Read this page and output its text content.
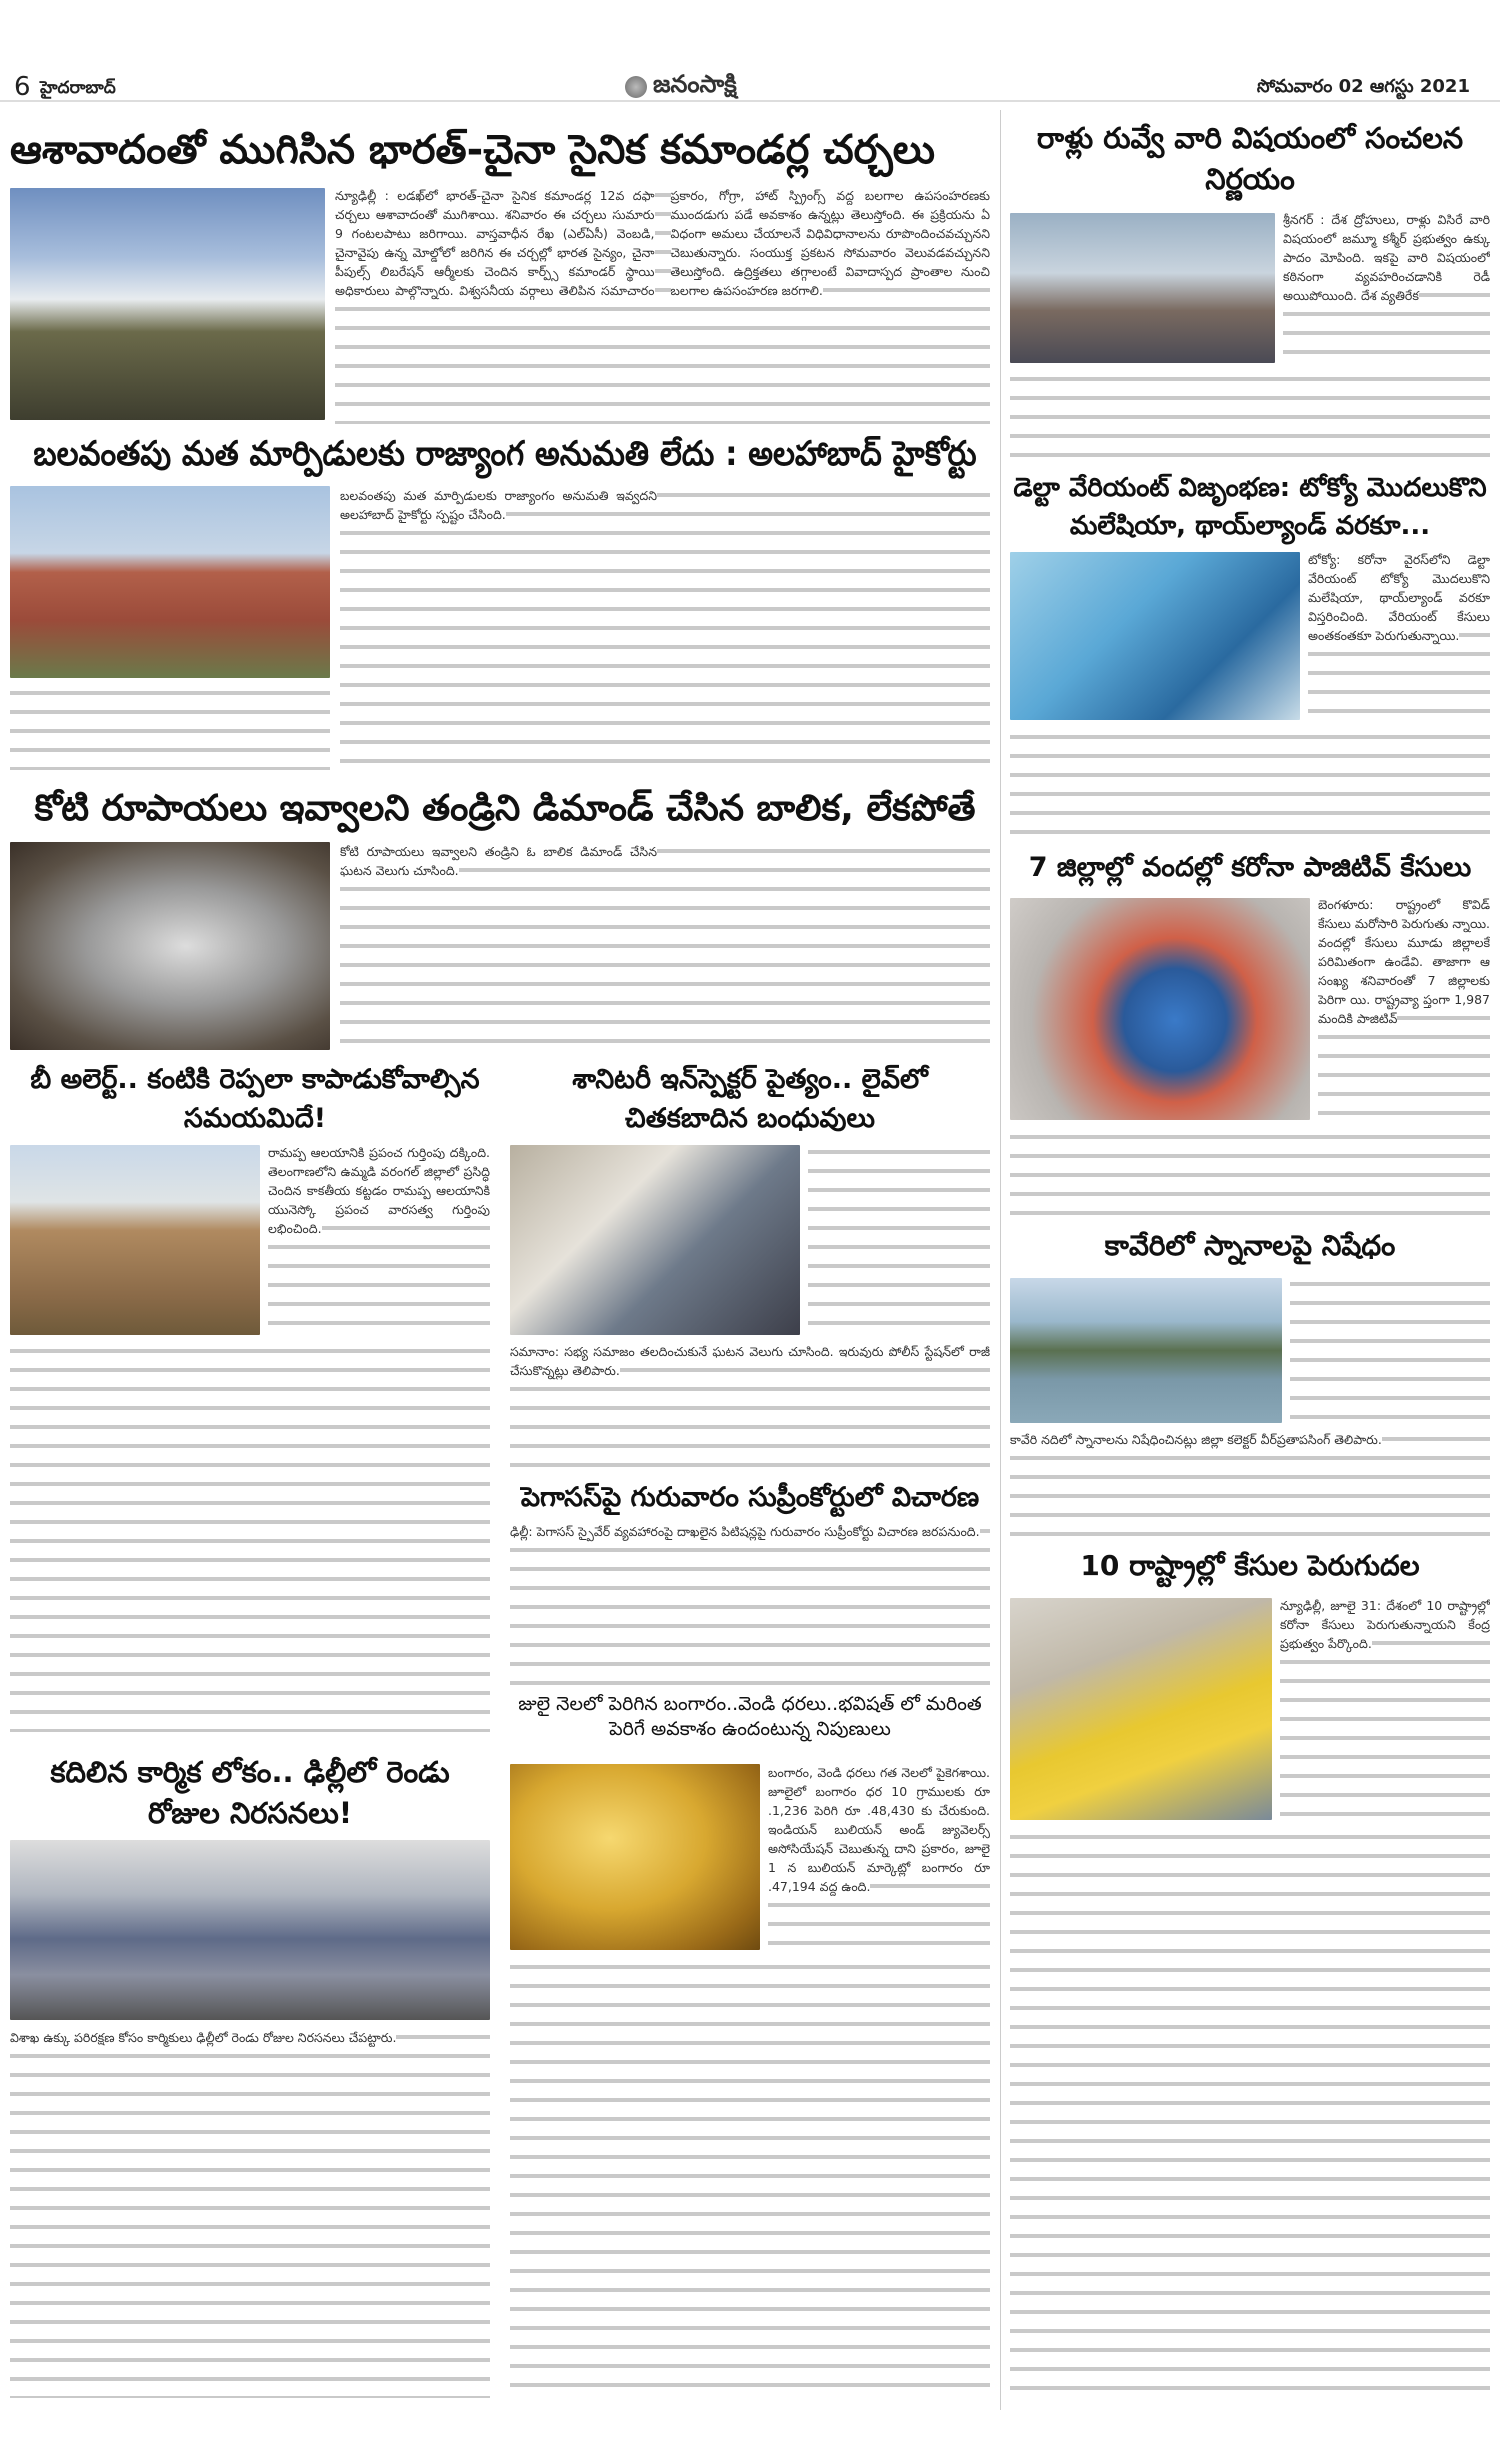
6 హైదరాబాద్	జనంసాక్షి	సోమవారం 02 ఆగస్టు 2021
ఆశావాదంతో ముగిసిన భారత్-చైనా సైనిక కమాండర్ల చర్చలు
న్యూఢిల్లీ : లడఖ్‌లో భారత్-చైనా సైనిక కమాండర్ల 12వ దఫా చర్చలు ఆశావాదంతో ముగిశాయి. శనివారం ఈ చర్చలు సుమారు 9 గంటలపాటు జరిగాయి. వాస్తవాధీన రేఖ (ఎల్ఏసీ) వెంబడి, చైనావైపు ఉన్న మోల్డోలో జరిగిన ఈ చర్చల్లో భారత సైన్యం, చైనా పీపుల్స్ లిబరేషన్ ఆర్మీలకు చెందిన కార్ప్స్ కమాండర్ స్థాయి అధికారులు పాల్గొన్నారు. విశ్వసనీయ వర్గాలు తెలిపిన సమాచారం ప్రకారం, గోగ్రా, హాట్ స్ప్రింగ్స్ వద్ద బలగాల ఉపసంహరణకు ముందడుగు పడే అవకాశం ఉన్నట్లు తెలుస్తోంది. ఈ ప్రక్రియను ఏ విధంగా అమలు చేయాలనే విధివిధానాలను రూపొందించవచ్చునని చెబుతున్నారు. సంయుక్త ప్రకటన సోమవారం వెలువడవచ్చునని తెలుస్తోంది. ఉద్రిక్తతలు తగ్గాలంటే వివాదాస్పద ప్రాంతాల నుంచి బలగాల ఉపసంహరణ జరగాలి.
బలవంతపు మత మార్పిడులకు రాజ్యాంగ అనుమతి లేదు : అలహాబాద్ హైకోర్టు
బలవంతపు మత మార్పిడులకు రాజ్యాంగం అనుమతి ఇవ్వదని అలహాబాద్ హైకోర్టు స్పష్టం చేసింది.
కోటి రూపాయలు ఇవ్వాలని తండ్రిని డిమాండ్ చేసిన బాలిక, లేకపోతే
కోటి రూపాయలు ఇవ్వాలని తండ్రిని ఓ బాలిక డిమాండ్ చేసిన ఘటన వెలుగు చూసింది.
బీ అలెర్ట్.. కంటికి రెప్పలా కాపాడుకోవాల్సిన సమయమిదే!
రామప్ప ఆలయానికి ప్రపంచ గుర్తింపు దక్కింది. తెలంగాణలోని ఉమ్మడి వరంగల్ జిల్లాలో ప్రసిద్ధి చెందిన కాకతీయ కట్టడం రామప్ప ఆలయానికి యునెస్కో ప్రపంచ వారసత్వ గుర్తింపు లభించింది.
శానిటరీ ఇన్‌స్పెక్టర్ పైత్యం.. లైవ్‌లో చితకబాదిన బంధువులు
సమానాం: సభ్య సమాజం తలదించుకునే ఘటన వెలుగు చూసింది. ఇరువురు పోలీస్ స్టేషన్‌లో రాజీ చేసుకొన్నట్లు తెలిపారు.
పెగాసస్‌పై గురువారం సుప్రీంకోర్టులో విచారణ
ఢిల్లీ: పెగాసస్ స్పైవేర్ వ్యవహారంపై దాఖలైన పిటిషన్లపై గురువారం సుప్రీంకోర్టు విచారణ జరపనుంది.
జులై నెలలో పెరిగిన బంగారం..వెండి ధరలు..భవిషత్ లో మరింత పెరిగే అవకాశం ఉందంటున్న నిపుణులు
బంగారం, వెండి ధరలు గత నెలలో పైకెగశాయి. జూలైలో బంగారం ధర 10 గ్రాములకు రూ .1,236 పెరిగి రూ .48,430 కు చేరుకుంది. ఇండియన్ బులియన్ అండ్ జ్యువెలర్స్ అసోసియేషన్ చెబుతున్న దాని ప్రకారం, జూలై 1 న బులియన్ మార్కెట్లో బంగారం రూ .47,194 వద్ద ఉంది.
కదిలిన కార్మిక లోకం.. ఢిల్లీలో రెండు రోజుల నిరసనలు!
విశాఖ ఉక్కు పరిరక్షణ కోసం కార్మికులు ఢిల్లీలో రెండు రోజుల నిరసనలు చేపట్టారు.
రాళ్లు రువ్వే వారి విషయంలో సంచలన నిర్ణయం
శ్రీనగర్ : దేశ ద్రోహులు, రాళ్లు విసిరే వారి విషయంలో జమ్మూ కశ్మీర్ ప్రభుత్వం ఉక్కు పాదం మోపింది. ఇకపై వారి విషయంలో కఠినంగా వ్యవహరించడానికి రెడీ అయిపోయింది. దేశ వ్యతిరేక
డెల్టా వేరియంట్ విజృంభణ: టోక్యో మొదలుకొని మలేషియా, థాయ్‌ల్యాండ్ వరకూ...
టోక్యో: కరోనా వైరస్‌లోని డెల్టా వేరియంట్ టోక్యో మొదలుకొని మలేషియా, థాయ్‌ల్యాండ్ వరకూ విస్తరించింది. వేరియంట్ కేసులు అంతకంతకూ పెరుగుతున్నాయి.
7 జిల్లాల్లో వందల్లో కరోనా పాజిటివ్ కేసులు
బెంగళూరు: రాష్ట్రంలో కొవిడ్ కేసులు మరోసారి పెరుగుతు న్నాయి. వందల్లో కేసులు మూడు జిల్లాలకే పరిమితంగా ఉండేవి. తాజాగా ఆ సంఖ్య శనివారంతో 7 జిల్లాలకు పెరిగా యి. రాష్ట్రవ్యా ప్తంగా 1,987 మందికి పాజిటివ్
కావేరిలో స్నానాలపై నిషేధం
కావేరి నదిలో స్నానాలను నిషేధించినట్లు జిల్లా కలెక్టర్ వీర్‌ప్రతాపసింగ్ తెలిపారు.
10 రాష్ట్రాల్లో కేసుల పెరుగుదల
న్యూఢిల్లీ, జూలై 31: దేశంలో 10 రాష్ట్రాల్లో కరోనా కేసులు పెరుగుతున్నాయని కేంద్ర ప్రభుత్వం పేర్కొంది.
